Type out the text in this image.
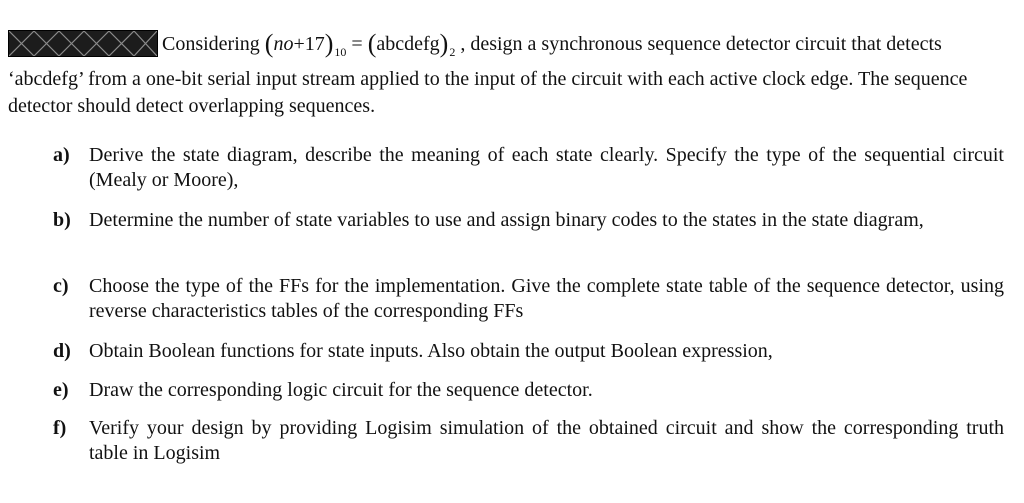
Considering $(no+17)_{10}$ = $(abcdefg)_2$ , design a synchronous sequence detector circuit that detects ‘abcdefg’ from a one-bit serial input stream applied to the input of the circuit with each active clock edge. The sequence detector should detect overlapping sequences.

a) Derive the state diagram, describe the meaning of each state clearly. Specify the type of the sequential circuit (Mealy or Moore),
b) Determine the number of state variables to use and assign binary codes to the states in the state diagram,
c)	Choose the type of the FFs for the implementation. Give the complete state table of the sequence detector, using reverse characteristics tables of the corresponding FFs
d) Obtain Boolean functions for state inputs. Also obtain the output Boolean expression,
e)	Draw the corresponding logic circuit for the sequence detector.
f)	Verify your design by providing Logisim simulation of the obtained circuit and show the corresponding truth table in Logisim
